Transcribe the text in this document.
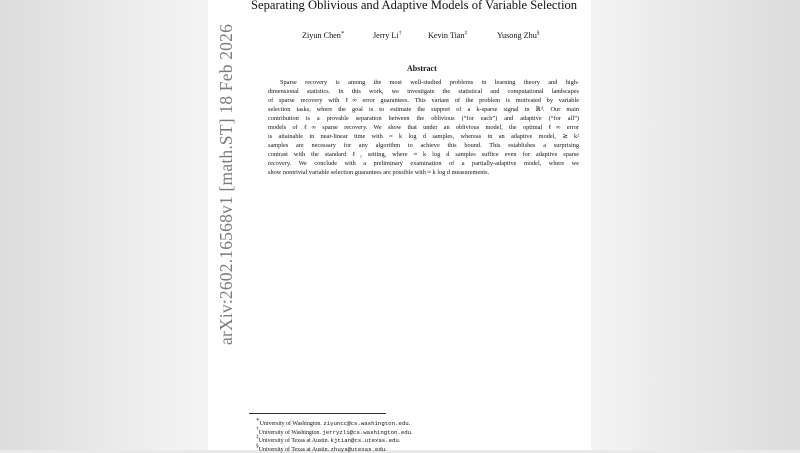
arXiv:2602.16568v1 [math.ST] 18 Feb 2026
Separating Oblivious and Adaptive Models of Variable Selection
Ziyun Chen∗	Jerry Li†	Kevin Tian‡	Yusong Zhu§
Abstract
Sparse recovery is among the most well-studied problems in learning theory and high-
dimensional statistics. In this work, we investigate the statistical and computational landscapes
of sparse recovery with ℓ∞ error guarantees. This variant of the problem is motivated by variable
selection tasks, where the goal is to estimate the support of a k-sparse signal in ℝᵈ. Our main
contribution is a provable separation between the oblivious (“for each”) and adaptive (“for all”)
models of ℓ∞ sparse recovery. We show that under an oblivious model, the optimal ℓ∞ error
is attainable in near-linear time with ≈ k log d samples, whereas in an adaptive model, ≳ k²
samples are necessary for any algorithm to achieve this bound. This establishes a surprising
contrast with the standard ℓ₂ setting, where ≈ k log d samples suffice even for adaptive sparse
recovery. We conclude with a preliminary examination of a partially-adaptive model, where we
show nontrivial variable selection guarantees are possible with ≈ k log d measurements.
∗University of Washington. ziyuncc@cs.washington.edu.
†University of Washington. jerryzli@cs.washington.edu.
‡University of Texas at Austin. kjtian@cs.utexas.edu.
§University of Texas at Austin. zhuys@utexas.edu.
